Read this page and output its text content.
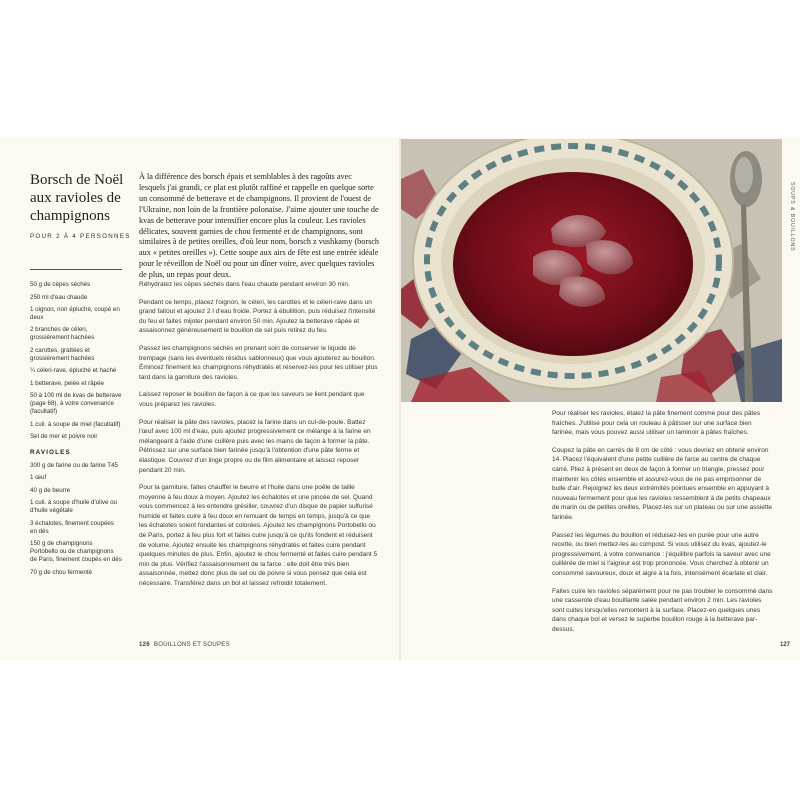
Borsch de Noël aux ravioles de champignons
POUR 2 À 4 PERSONNES

50 g de cèpes séchés

250 ml d'eau chaude

1 oignon, non épluché, coupé en deux

2 branches de céleri, grossièrement hachées

2 carottes, grattées et grossièrement hachées

¼ céleri-rave, épluché et haché

1 betterave, pelée et râpée

50 à 100 ml de kvas de betterave (page 68), à votre convenance (facultatif)

1 cuil. à soupe de miel (facultatif)

Sel de mer et poivre noir

RAVIOLES

300 g de farine ou de farine T45

1 œuf

40 g de beurre

1 cuil. à soupe d'huile d'olive ou d'huile végétale

3 échalotes, finement coupées en dés

150 g de champignons Portobello ou de champignons de Paris, finement coupés en dés

70 g de chou fermenté

À la différence des borsch épais et semblables à des ragoûts avec lesquels j'ai grandi, ce plat est plutôt raffiné et rappelle en quelque sorte un consommé de betterave et de champignons. Il provient de l'ouest de l'Ukraine, non loin de la frontière polonaise. J'aime ajouter une touche de kvas de betterave pour intensifier encore plus la couleur. Les ravioles délicates, souvent garnies de chou fermenté et de champignons, sont similaires à de petites oreilles, d'où leur nom, borsch z vushkamy (borsch aux « petites oreilles »). Cette soupe aux airs de fête est une entrée idéale pour le réveillon de Noël ou pour un dîner voire, avec quelques ravioles de plus, un repas pour deux.

Réhydratez les cèpes séchés dans l'eau chaude pendant environ 30 min.

Pendant ce temps, placez l'oignon, le céleri, les carottes et le céleri-rave dans un grand faitout et ajoutez 2 l d'eau froide. Portez à ébullition, puis réduisez l'intensité du feu et faites mijoter pendant environ 50 min. Ajoutez la betterave râpée et assaisonnez généreusement le bouillon de sel puis retirez du feu.

Passez les champignons séchés en prenant soin de conserver le liquide de trempage (sans les éventuels résidus sablonneux) que vous ajouterez au bouillon. Émincez finement les champignons réhydratés et réservez-les pour les utiliser plus tard dans la garniture des ravioles.

Laissez reposer le bouillon de façon à ce que les saveurs se lient pendant que vous préparez les ravioles.

Pour réaliser la pâte des ravioles, placez la farine dans un cul-de-poule. Battez l'œuf avec 100 ml d'eau, puis ajoutez progressivement ce mélange à la farine en mélangeant à l'aide d'une cuillère puis avec les mains de façon à former la pâte. Pétrissez sur une surface bien farinée jusqu'à l'obtention d'une pâte ferme et élastique. Couvrez d'un linge propre ou de film alimentaire et laissez reposer pendant 20 min.

Pour la garniture, faites chauffer le beurre et l'huile dans une poêle de taille moyenne à feu doux à moyen. Ajoutez les échalotes et une pincée de sel. Quand vous commencez à les entendre grésiller, couvrez d'un disque de papier sulfurisé humide et faites cuire à feu doux en remuant de temps en temps, jusqu'à ce que les échalotes soient fondantes et colorées. Ajoutez les champignons Portobello ou de Paris, portez à feu plus fort et faites cuire jusqu'à ce qu'ils fondent et réduisent de volume. Ajoutez ensuite les champignons réhydratés et faites cuire pendant quelques minutes de plus. Enfin, ajoutez le chou fermenté et faites cuire pendant 5 min de plus. Vérifiez l'assaisonnement de la farce : elle doit être très bien assaisonnée, mettez donc plus de sel ou de poivre si vous pensez que cela est nécessaire. Transférez dans un bol et laissez refroidir totalement.

126 BOUILLONS ET SOUPES

Pour réaliser les ravioles, étalez la pâte finement comme pour des pâtes fraîches. J'utilise pour cela un rouleau à pâtisser sur une surface bien farinée, mais vous pouvez aussi utiliser un laminoir à pâtes fraîches.

Coupez la pâte en carrés de 8 cm de côté : vous devriez en obtenir environ 14. Placez l'équivalent d'une petite cuillère de farce au centre de chaque carré. Pliez à présent en deux de façon à former un triangle, pressez pour maintenir les côtés ensemble et assurez-vous de ne pas emprisonner de bulle d'air. Rejoignez les deux extrémités pointues ensemble en appuyant à nouveau fermement pour que les ravioles ressemblent à de petits chapeaux de marin ou de petites oreilles. Placez-les sur un plateau ou sur une assiette farinée.

Passez les légumes du bouillon et réduisez-les en purée pour une autre recette, ou bien mettez-les au compost. Si vous utilisez du kvas, ajoutez-le progressivement, à votre convenance : j'équilibre parfois la saveur avec une cuillérée de miel si l'aigreur est trop prononcée. Vous cherchez à obtenir un consommé savoureux, doux et aigre à la fois, intensément écarlate et clair.

Faites cuire les ravioles séparément pour ne pas troubler le consommé dans une casserole d'eau bouillante salée pendant environ 2 min. Les ravioles sont cuites lorsqu'elles remontent à la surface. Placez-en quelques unes dans chaque bol et versez le superbe bouillon rouge à la betterave par-dessus.

SOUPS & BOUILLONS
127
